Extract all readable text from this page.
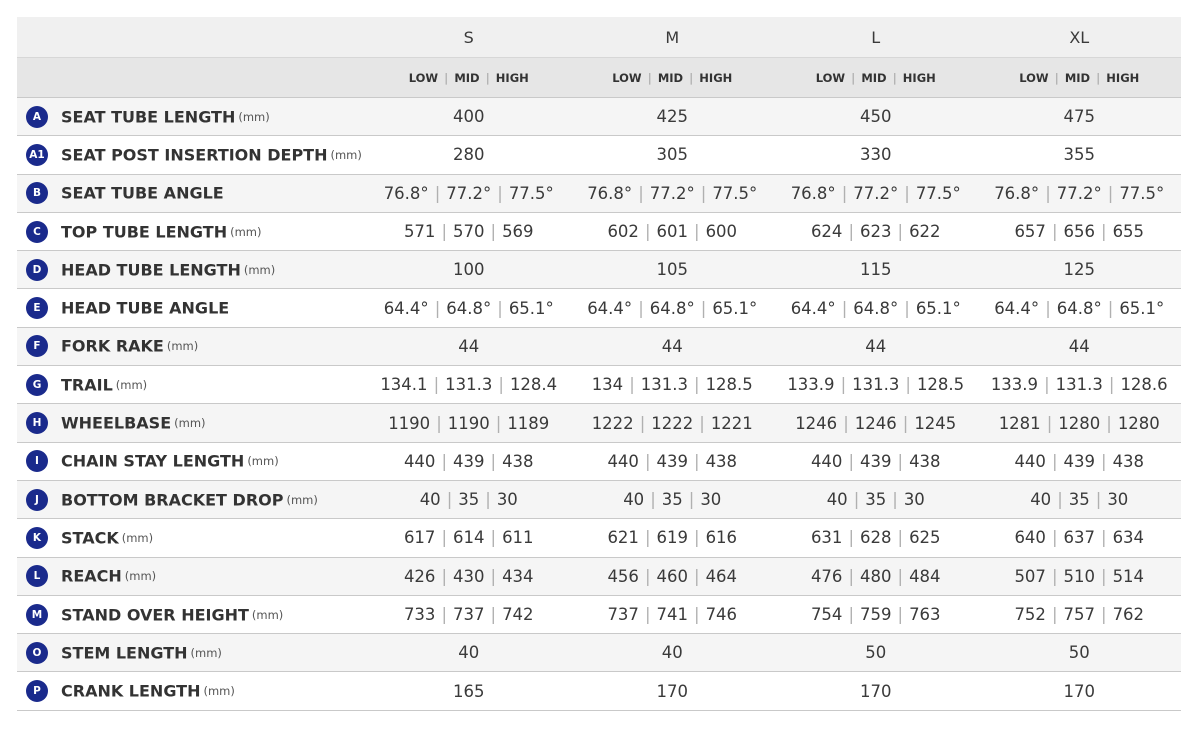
	S	M	L	XL
	LOW | MID | HIGH	LOW | MID | HIGH	LOW | MID | HIGH	LOW | MID | HIGH
A SEAT TUBE LENGTH (mm)	400	425	450	475
A1 SEAT POST INSERTION DEPTH (mm)	280	305	330	355
B SEAT TUBE ANGLE	76.8° | 77.2° | 77.5°	76.8° | 77.2° | 77.5°	76.8° | 77.2° | 77.5°	76.8° | 77.2° | 77.5°
C TOP TUBE LENGTH (mm)	571 | 570 | 569	602 | 601 | 600	624 | 623 | 622	657 | 656 | 655
D HEAD TUBE LENGTH (mm)	100	105	115	125
E HEAD TUBE ANGLE	64.4° | 64.8° | 65.1°	64.4° | 64.8° | 65.1°	64.4° | 64.8° | 65.1°	64.4° | 64.8° | 65.1°
F FORK RAKE (mm)	44	44	44	44
G TRAIL (mm)	134.1 | 131.3 | 128.4	134 | 131.3 | 128.5	133.9 | 131.3 | 128.5	133.9 | 131.3 | 128.6
H WHEELBASE (mm)	1190 | 1190 | 1189	1222 | 1222 | 1221	1246 | 1246 | 1245	1281 | 1280 | 1280
I CHAIN STAY LENGTH (mm)	440 | 439 | 438	440 | 439 | 438	440 | 439 | 438	440 | 439 | 438
J BOTTOM BRACKET DROP (mm)	40 | 35 | 30	40 | 35 | 30	40 | 35 | 30	40 | 35 | 30
K STACK (mm)	617 | 614 | 611	621 | 619 | 616	631 | 628 | 625	640 | 637 | 634
L REACH (mm)	426 | 430 | 434	456 | 460 | 464	476 | 480 | 484	507 | 510 | 514
M STAND OVER HEIGHT (mm)	733 | 737 | 742	737 | 741 | 746	754 | 759 | 763	752 | 757 | 762
O STEM LENGTH (mm)	40	40	50	50
P CRANK LENGTH (mm)	165	170	170	170
